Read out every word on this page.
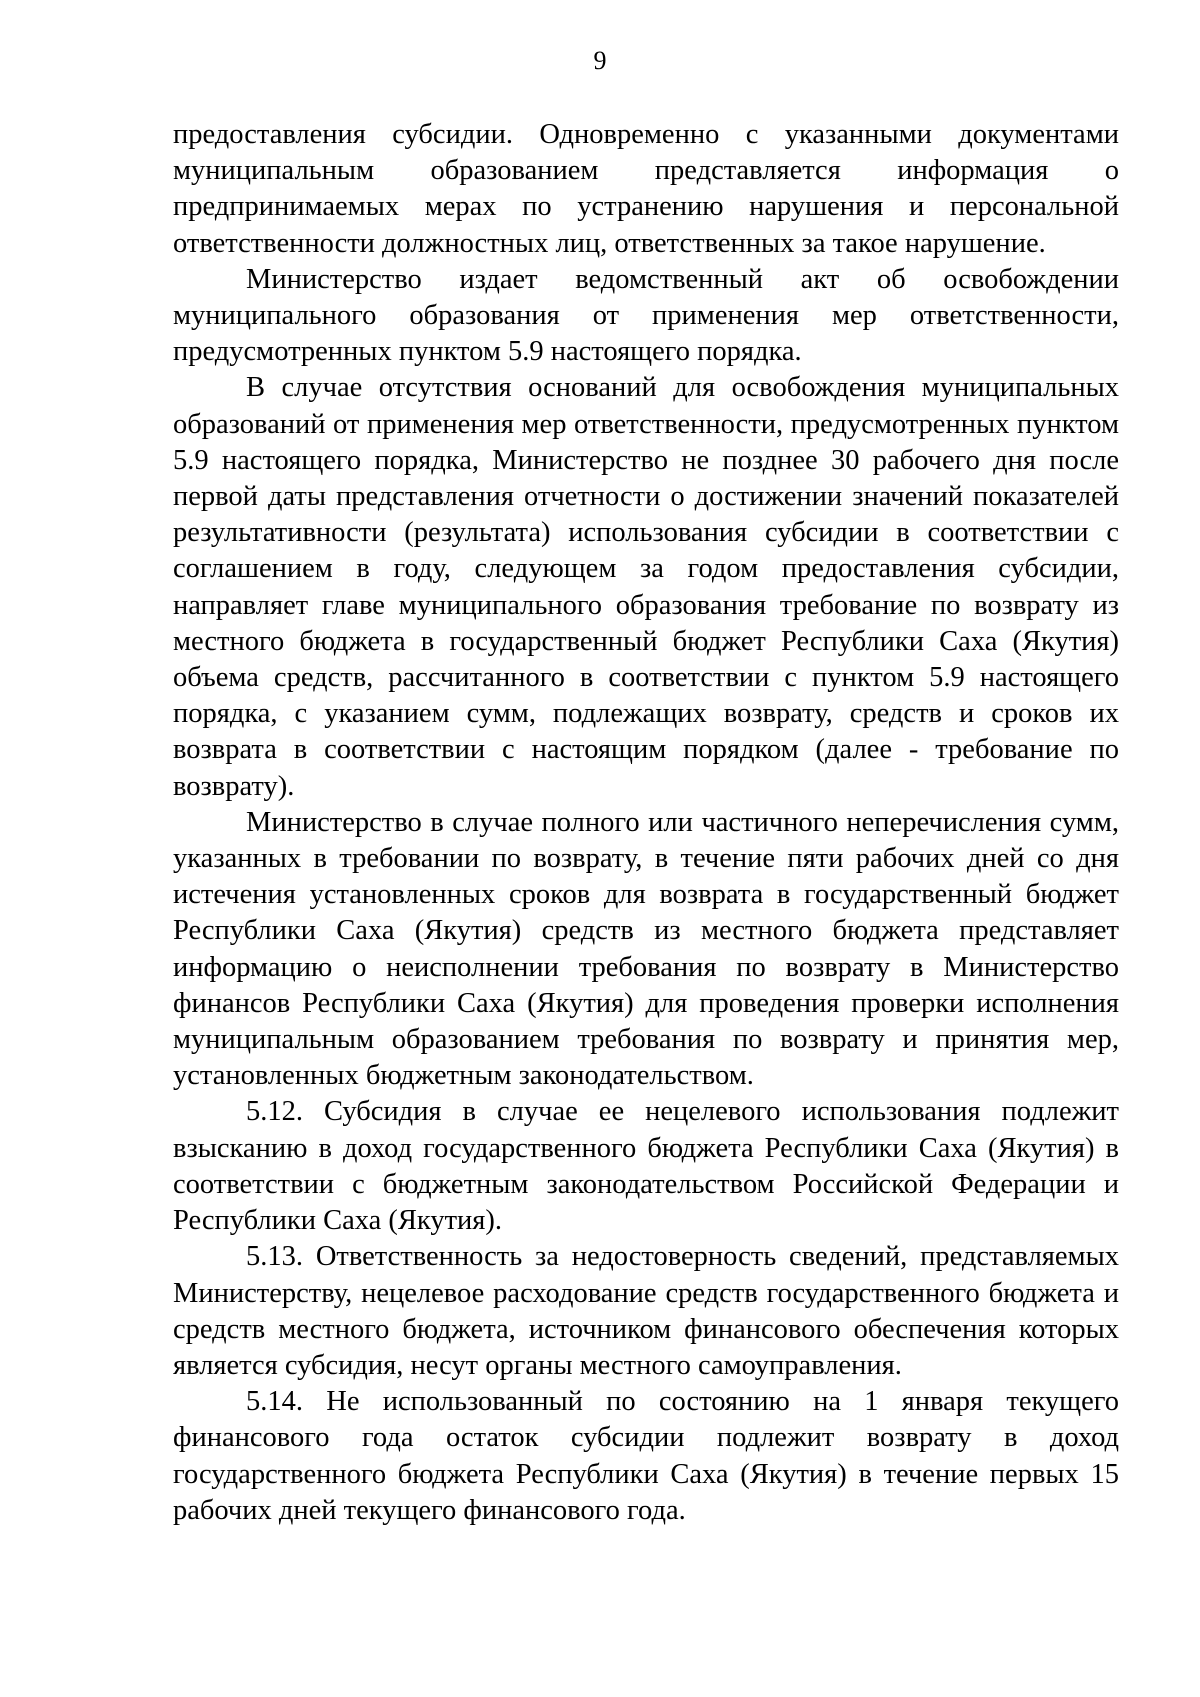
9

предоставления субсидии. Одновременно с указанными документами муниципальным образованием представляется информация о предпринимаемых мерах по устранению нарушения и персональной ответственности должностных лиц, ответственных за такое нарушение.

Министерство издает ведомственный акт об освобождении муниципального образования от применения мер ответственности, предусмотренных пунктом 5.9 настоящего порядка.

В случае отсутствия оснований для освобождения муниципальных образований от применения мер ответственности, предусмотренных пунктом 5.9 настоящего порядка, Министерство не позднее 30 рабочего дня после первой даты представления отчетности о достижении значений показателей результативности (результата) использования субсидии в соответствии с соглашением в году, следующем за годом предоставления субсидии, направляет главе муниципального образования требование по возврату из местного бюджета в государственный бюджет Республики Саха (Якутия) объема средств, рассчитанного в соответствии с пунктом 5.9 настоящего порядка, с указанием сумм, подлежащих возврату, средств и сроков их возврата в соответствии с настоящим порядком (далее - требование по возврату).

Министерство в случае полного или частичного неперечисления сумм, указанных в требовании по возврату, в течение пяти рабочих дней со дня истечения установленных сроков для возврата в государственный бюджет Республики Саха (Якутия) средств из местного бюджета представляет информацию о неисполнении требования по возврату в Министерство финансов Республики Саха (Якутия) для проведения проверки исполнения муниципальным образованием требования по возврату и принятия мер, установленных бюджетным законодательством.

5.12. Субсидия в случае ее нецелевого использования подлежит взысканию в доход государственного бюджета Республики Саха (Якутия) в соответствии с бюджетным законодательством Российской Федерации и Республики Саха (Якутия).

5.13. Ответственность за недостоверность сведений, представляемых Министерству, нецелевое расходование средств государственного бюджета и средств местного бюджета, источником финансового обеспечения которых является субсидия, несут органы местного самоуправления.

5.14. Не использованный по состоянию на 1 января текущего финансового года остаток субсидии подлежит возврату в доход государственного бюджета Республики Саха (Якутия) в течение первых 15 рабочих дней текущего финансового года.
